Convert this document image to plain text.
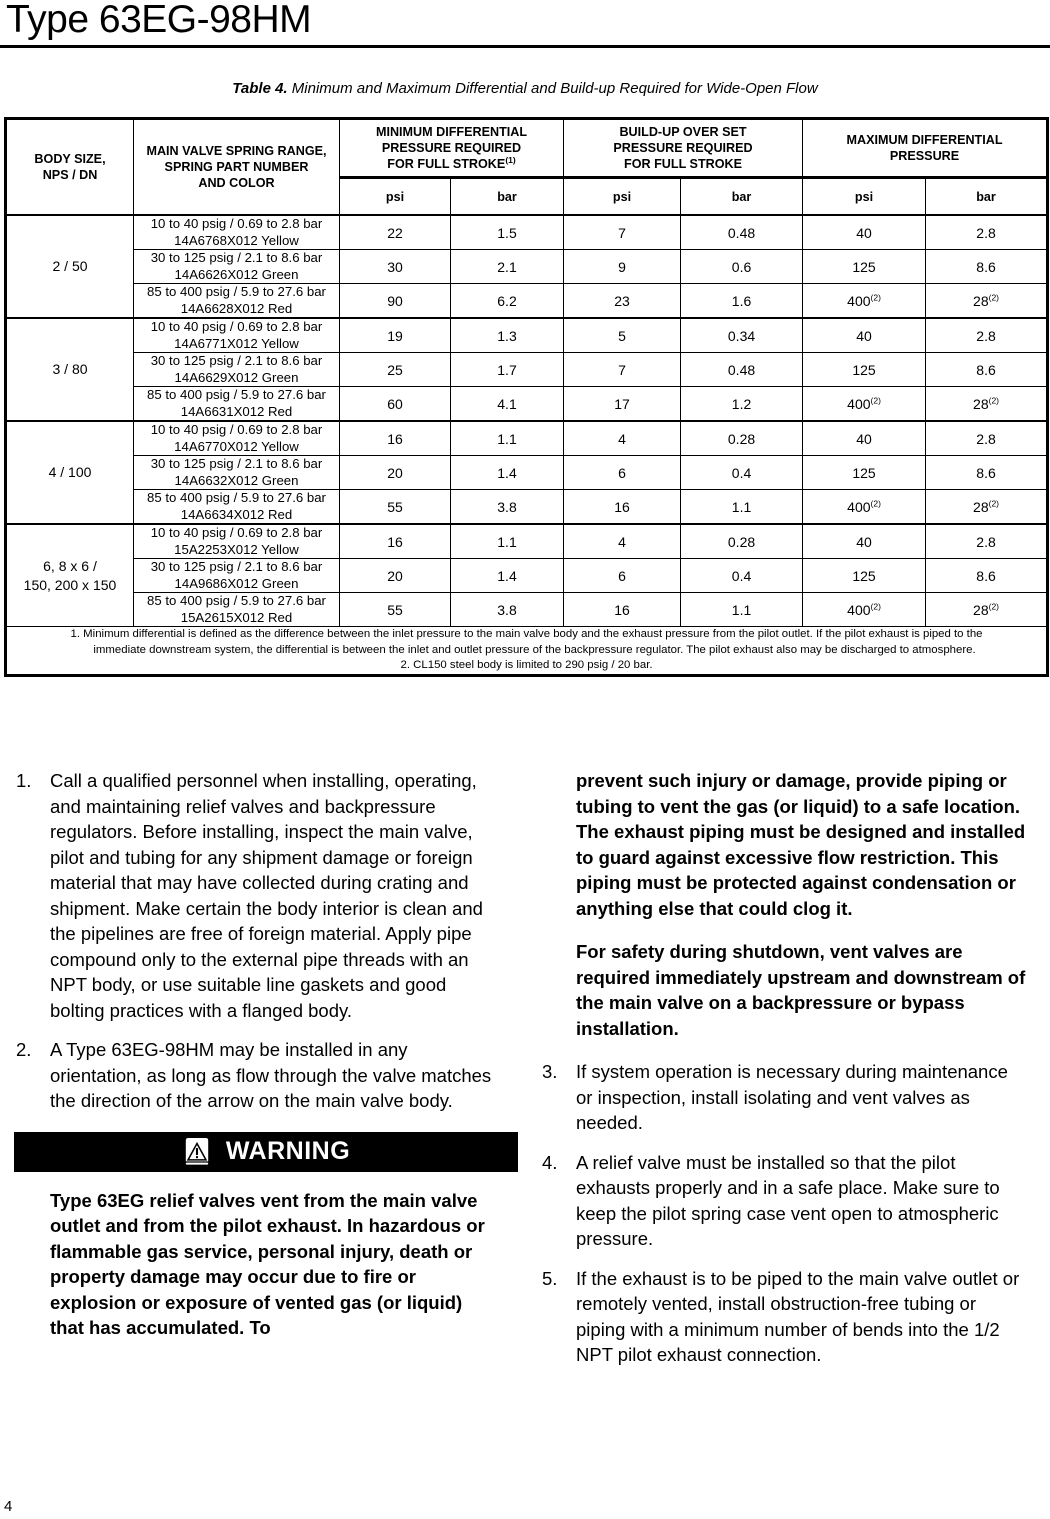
Type 63EG-98HM
Table 4. Minimum and Maximum Differential and Build-up Required for Wide-Open Flow
BODY SIZE,
NPS / DN	MAIN VALVE SPRING RANGE,
SPRING PART NUMBER
AND COLOR	MINIMUM DIFFERENTIAL
PRESSURE REQUIRED
FOR FULL STROKE$^{(1)}$		BUILD-UP OVER SET
PRESSURE REQUIRED
FOR FULL STROKE		MAXIMUM DIFFERENTIAL
PRESSURE	
		psi	bar	psi	bar	psi	bar
2 / 50	10 to 40 psig / 0.69 to 2.8 bar
14A6768X012 Yellow	22	1.5	7	0.48	40	2.8
	30 to 125 psig / 2.1 to 8.6 bar
14A6626X012 Green	30	2.1	9	0.6	125	8.6
	85 to 400 psig / 5.9 to 27.6 bar
14A6628X012 Red	90	6.2	23	1.6	400$^{(2)}$	28$^{(2)}$
3 / 80	10 to 40 psig / 0.69 to 2.8 bar
14A6771X012 Yellow	19	1.3	5	0.34	40	2.8
	30 to 125 psig / 2.1 to 8.6 bar
14A6629X012 Green	25	1.7	7	0.48	125	8.6
	85 to 400 psig / 5.9 to 27.6 bar
14A6631X012 Red	60	4.1	17	1.2	400$^{(2)}$	28$^{(2)}$
4 / 100	10 to 40 psig / 0.69 to 2.8 bar
14A6770X012 Yellow	16	1.1	4	0.28	40	2.8
	30 to 125 psig / 2.1 to 8.6 bar
14A6632X012 Green	20	1.4	6	0.4	125	8.6
	85 to 400 psig / 5.9 to 27.6 bar
14A6634X012 Red	55	3.8	16	1.1	400$^{(2)}$	28$^{(2)}$
6, 8 x 6 /
150, 200 x 150	10 to 40 psig / 0.69 to 2.8 bar
15A2253X012 Yellow	16	1.1	4	0.28	40	2.8
	30 to 125 psig / 2.1 to 8.6 bar
14A9686X012 Green	20	1.4	6	0.4	125	8.6
	85 to 400 psig / 5.9 to 27.6 bar
15A2615X012 Red	55	3.8	16	1.1	400$^{(2)}$	28$^{(2)}$

1. Minimum differential is defined as the difference between the inlet pressure to the main valve body and the exhaust pressure from the pilot outlet. If the pilot exhaust is piped to the
immediate downstream system, the differential is between the inlet and outlet pressure of the backpressure regulator. The pilot exhaust also may be discharged to atmosphere.
2. CL150 steel body is limited to 290 psig / 20 bar.							
1.	Call a qualified personnel when installing, operating, and maintaining relief valves and backpressure regulators. Before installing, inspect the main valve, pilot and tubing for any shipment damage or foreign material that may have collected during crating and shipment. Make certain the body interior is clean and the pipelines are free of foreign material. Apply pipe compound only to the external pipe threads with an NPT body, or use suitable line gaskets and good bolting practices with a flanged body.
2.	A Type 63EG-98HM may be installed in any orientation, as long as flow through the valve matches the direction of the arrow on the main valve body.
WARNING

Type 63EG relief valves vent from the main valve outlet and from the pilot exhaust. In hazardous or flammable gas service, personal injury, death or property damage may occur due to fire or explosion or exposure of vented gas (or liquid) that has accumulated. To

prevent such injury or damage, provide piping or tubing to vent the gas (or liquid) to a safe location. The exhaust piping must be designed and installed to guard against excessive flow restriction. This piping must be protected against condensation or anything else that could clog it.

For safety during shutdown, vent valves are required immediately upstream and downstream of the main valve on a backpressure or bypass installation.

3.	If system operation is necessary during maintenance or inspection, install isolating and vent valves as needed.
4.	A relief valve must be installed so that the pilot exhausts properly and in a safe place. Make sure to keep the pilot spring case vent open to atmospheric pressure.
5.	If the exhaust is to be piped to the main valve outlet or remotely vented, install obstruction-free tubing or piping with a minimum number of bends into the 1/2 NPT pilot exhaust connection.
4
